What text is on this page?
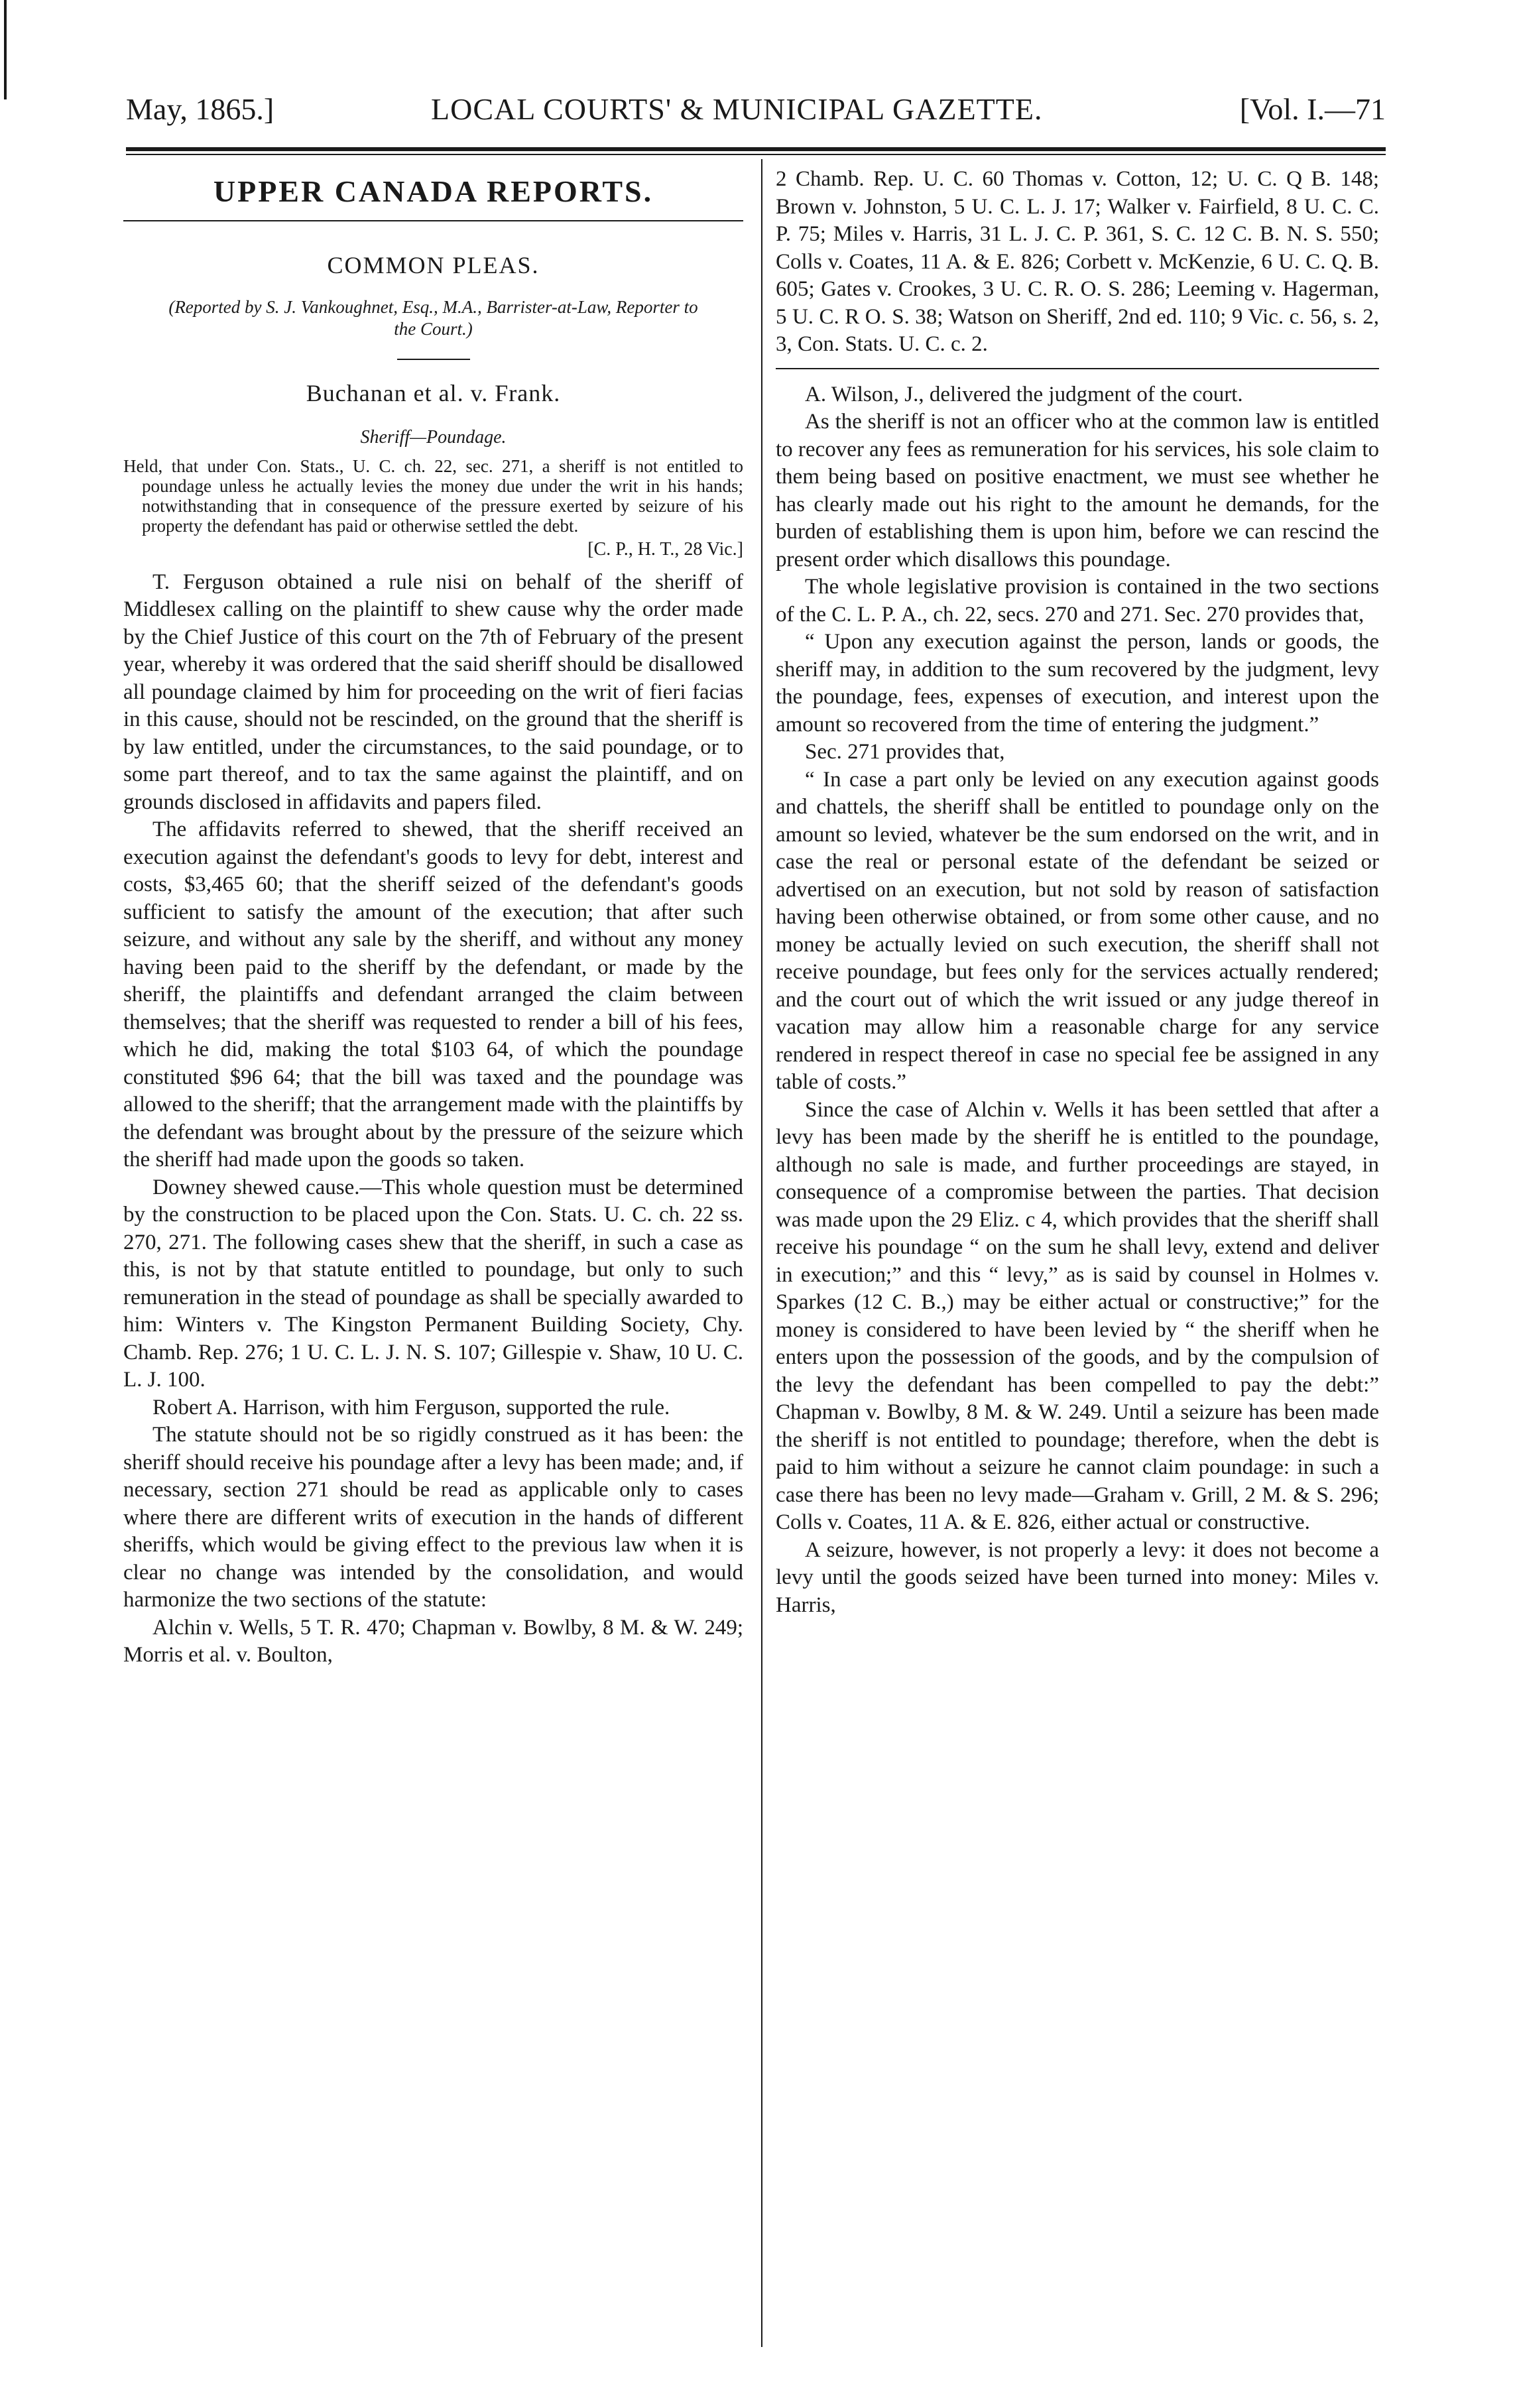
May, 1865.]	LOCAL COURTS' & MUNICIPAL GAZETTE.	[Vol. I.—71

UPPER CANADA REPORTS.

COMMON PLEAS.

(Reported by S. J. Vankoughnet, Esq., M.A., Barrister-at-Law, Reporter to the Court.)

Buchanan et al. v. Frank.

Sheriff—Poundage.

Held, that under Con. Stats., U. C. ch. 22, sec. 271, a sheriff is not entitled to poundage unless he actually levies the money due under the writ in his hands; notwithstanding that in consequence of the pressure exerted by seizure of his property the defendant has paid or otherwise settled the debt.

[C. P., H. T., 28 Vic.]

T. Ferguson obtained a rule nisi on behalf of the sheriff of Middlesex calling on the plaintiff to shew cause why the order made by the Chief Justice of this court on the 7th of February of the present year, whereby it was ordered that the said sheriff should be disallowed all poundage claimed by him for proceeding on the writ of fieri facias in this cause, should not be rescinded, on the ground that the sheriff is by law entitled, under the circumstances, to the said poundage, or to some part thereof, and to tax the same against the plaintiff, and on grounds disclosed in affidavits and papers filed.

The affidavits referred to shewed, that the sheriff received an execution against the defendant's goods to levy for debt, interest and costs, $3,465 60; that the sheriff seized of the defendant's goods sufficient to satisfy the amount of the execution; that after such seizure, and without any sale by the sheriff, and without any money having been paid to the sheriff by the defendant, or made by the sheriff, the plaintiffs and defendant arranged the claim between themselves; that the sheriff was requested to render a bill of his fees, which he did, making the total $103 64, of which the poundage constituted $96 64; that the bill was taxed and the poundage was allowed to the sheriff; that the arrangement made with the plaintiffs by the defendant was brought about by the pressure of the seizure which the sheriff had made upon the goods so taken.

Downey shewed cause.—This whole question must be determined by the construction to be placed upon the Con. Stats. U. C. ch. 22 ss. 270, 271. The following cases shew that the sheriff, in such a case as this, is not by that statute entitled to poundage, but only to such remuneration in the stead of poundage as shall be specially awarded to him: Winters v. The Kingston Permanent Building Society, Chy. Chamb. Rep. 276; 1 U. C. L. J. N. S. 107; Gillespie v. Shaw, 10 U. C. L. J. 100.

Robert A. Harrison, with him Ferguson, supported the rule.

The statute should not be so rigidly construed as it has been: the sheriff should receive his poundage after a levy has been made; and, if necessary, section 271 should be read as applicable only to cases where there are different writs of execution in the hands of different sheriffs, which would be giving effect to the previous law when it is clear no change was intended by the consolidation, and would harmonize the two sections of the statute:

Alchin v. Wells, 5 T. R. 470; Chapman v. Bowlby, 8 M. & W. 249; Morris et al. v. Boulton,

2 Chamb. Rep. U. C. 60 Thomas v. Cotton, 12; U. C. Q B. 148; Brown v. Johnston, 5 U. C. L. J. 17; Walker v. Fairfield, 8 U. C. C. P. 75; Miles v. Harris, 31 L. J. C. P. 361, S. C. 12 C. B. N. S. 550; Colls v. Coates, 11 A. & E. 826; Corbett v. McKenzie, 6 U. C. Q. B. 605; Gates v. Crookes, 3 U. C. R. O. S. 286; Leeming v. Hagerman, 5 U. C. R O. S. 38; Watson on Sheriff, 2nd ed. 110; 9 Vic. c. 56, s. 2, 3, Con. Stats. U. C. c. 2.

A. Wilson, J., delivered the judgment of the court.

As the sheriff is not an officer who at the common law is entitled to recover any fees as remuneration for his services, his sole claim to them being based on positive enactment, we must see whether he has clearly made out his right to the amount he demands, for the burden of establishing them is upon him, before we can rescind the present order which disallows this poundage.

The whole legislative provision is contained in the two sections of the C. L. P. A., ch. 22, secs. 270 and 271. Sec. 270 provides that,

“ Upon any execution against the person, lands or goods, the sheriff may, in addition to the sum recovered by the judgment, levy the poundage, fees, expenses of execution, and interest upon the amount so recovered from the time of entering the judgment.”

Sec. 271 provides that,

“ In case a part only be levied on any execution against goods and chattels, the sheriff shall be entitled to poundage only on the amount so levied, whatever be the sum endorsed on the writ, and in case the real or personal estate of the defendant be seized or advertised on an execution, but not sold by reason of satisfaction having been otherwise obtained, or from some other cause, and no money be actually levied on such execution, the sheriff shall not receive poundage, but fees only for the services actually rendered; and the court out of which the writ issued or any judge thereof in vacation may allow him a reasonable charge for any service rendered in respect thereof in case no special fee be assigned in any table of costs.”

Since the case of Alchin v. Wells it has been settled that after a levy has been made by the sheriff he is entitled to the poundage, although no sale is made, and further proceedings are stayed, in consequence of a compromise between the parties. That decision was made upon the 29 Eliz. c 4, which provides that the sheriff shall receive his poundage “ on the sum he shall levy, extend and deliver in execution;” and this “ levy,” as is said by counsel in Holmes v. Sparkes (12 C. B.,) may be either actual or constructive;” for the money is considered to have been levied by “ the sheriff when he enters upon the possession of the goods, and by the compulsion of the levy the defendant has been compelled to pay the debt:” Chapman v. Bowlby, 8 M. & W. 249. Until a seizure has been made the sheriff is not entitled to poundage; therefore, when the debt is paid to him without a seizure he cannot claim poundage: in such a case there has been no levy made—Graham v. Grill, 2 M. & S. 296; Colls v. Coates, 11 A. & E. 826, either actual or constructive.

A seizure, however, is not properly a levy: it does not become a levy until the goods seized have been turned into money: Miles v. Harris,
